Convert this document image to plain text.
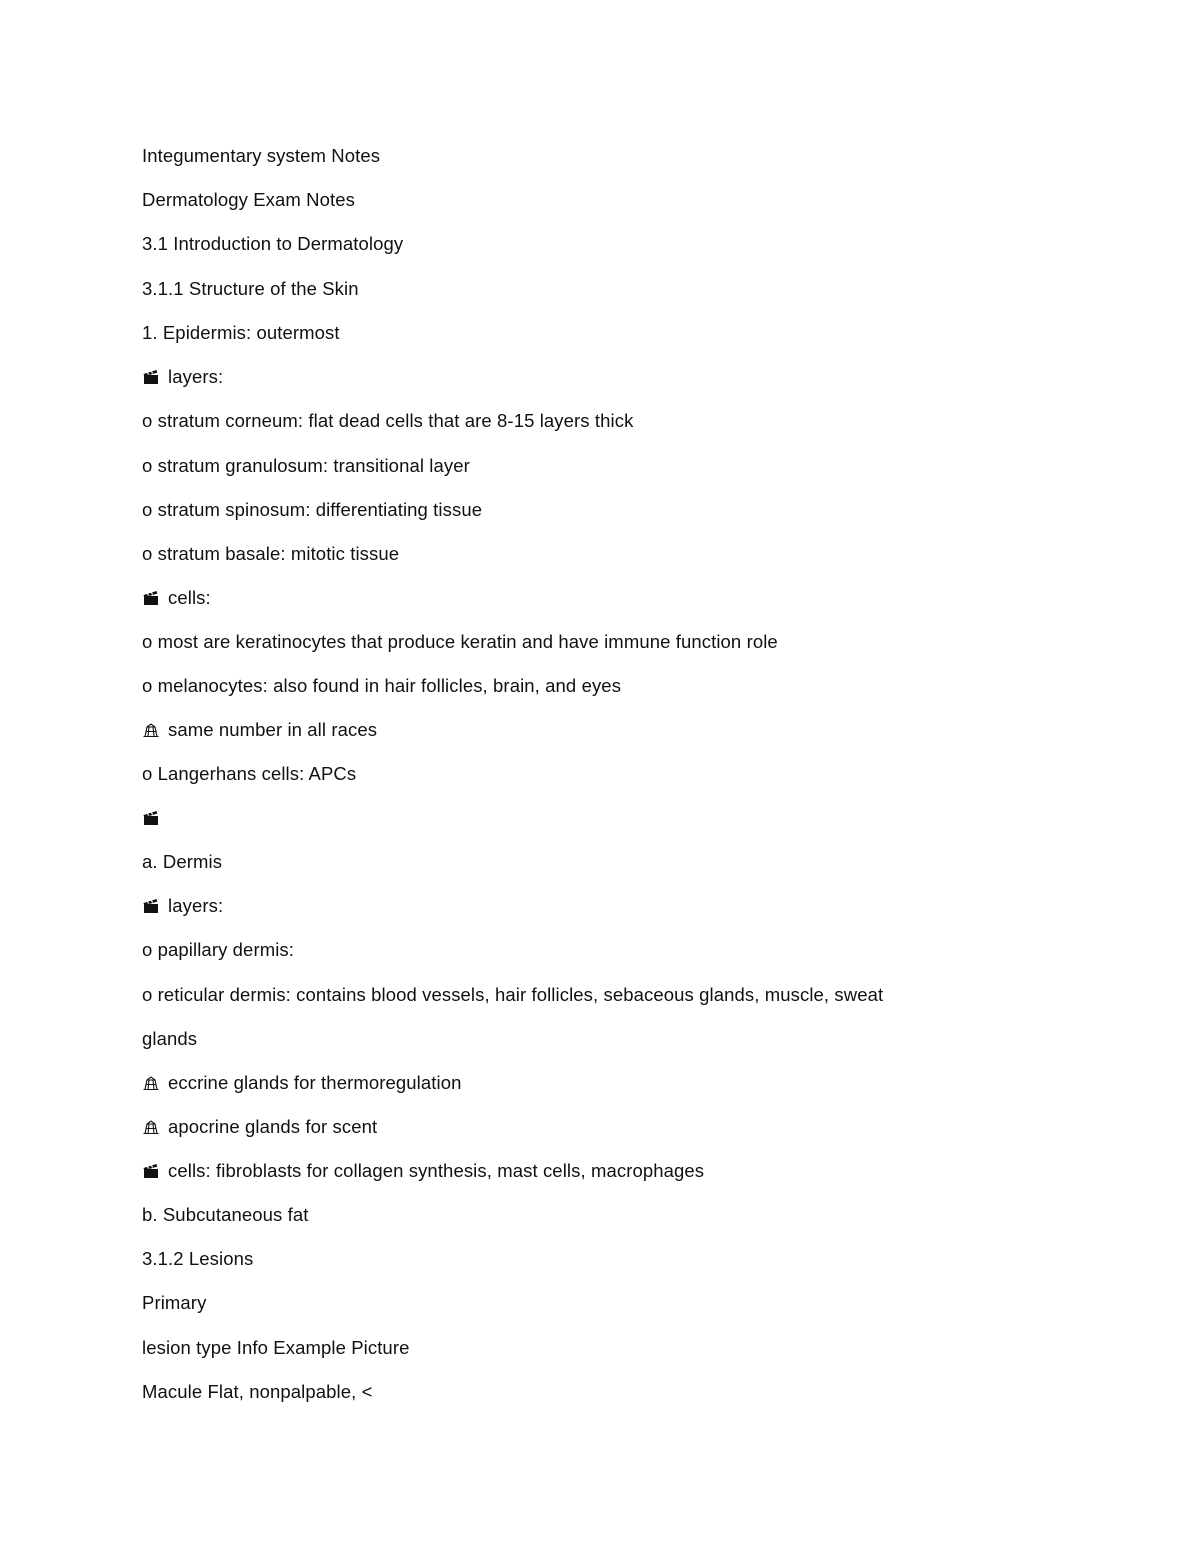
Integumentary system Notes
Dermatology Exam Notes
3.1 Introduction to Dermatology
3.1.1 Structure of the Skin
1. Epidermis: outermost
layers:
o stratum corneum: flat dead cells that are 8-15 layers thick
o stratum granulosum: transitional layer
o stratum spinosum: differentiating tissue
o stratum basale: mitotic tissue
cells:
o most are keratinocytes that produce keratin and have immune function role
o melanocytes: also found in hair follicles, brain, and eyes
same number in all races
o Langerhans cells: APCs
a. Dermis
layers:
o papillary dermis:
o reticular dermis: contains blood vessels, hair follicles, sebaceous glands, muscle, sweat
glands
eccrine glands for thermoregulation
apocrine glands for scent
cells: fibroblasts for collagen synthesis, mast cells, macrophages
b. Subcutaneous fat
3.1.2 Lesions
Primary
lesion type Info Example Picture
Macule Flat, nonpalpable, <
